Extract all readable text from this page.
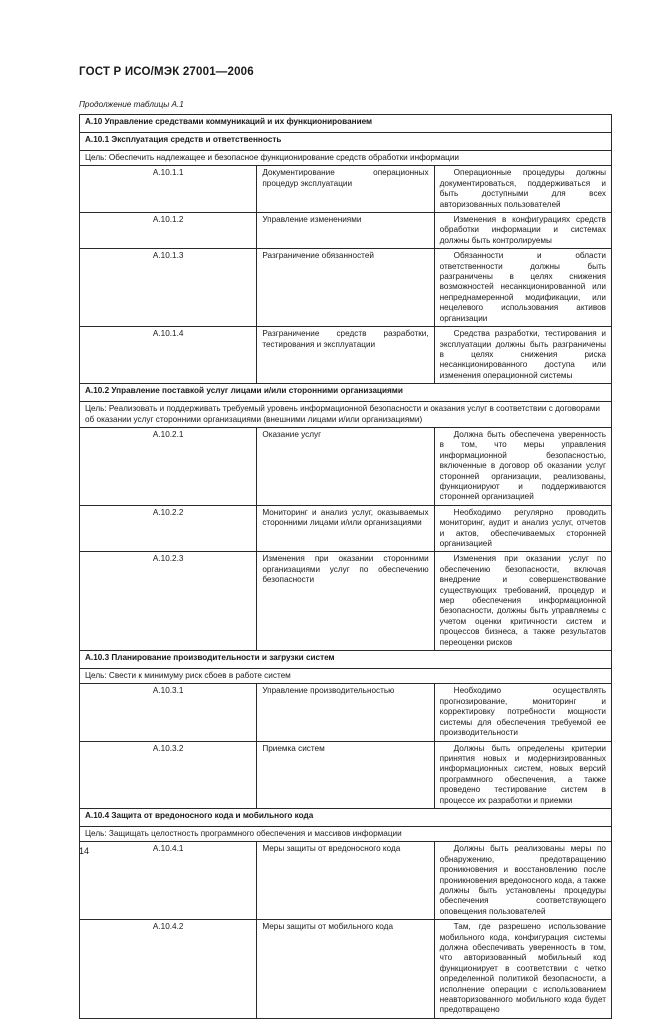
ГОСТ Р ИСО/МЭК 27001—2006
Продолжение таблицы А.1
А.10 Управление средствами коммуникаций и их функционированием		
А.10.1 Эксплуатация средств и ответственность		
Цель: Обеспечить надлежащее и безопасное функционирование средств обработки информации		
А.10.1.1	Документирование операционных процедур эксплуатации	Операционные процедуры должны документироваться, поддерживаться и быть доступными для всех авторизованных пользователей
А.10.1.2	Управление изменениями	Изменения в конфигурациях средств обработки информации и системах должны быть контролируемы
А.10.1.3	Разграничение обязанностей	Обязанности и области ответственности должны быть разграничены в целях снижения возможностей несанкционированной или непреднамеренной модификации, или нецелевого использования активов организации
А.10.1.4	Разграничение средств разработки, тестирования и эксплуатации	Средства разработки, тестирования и эксплуатации должны быть разграничены в целях снижения риска несанкционированного доступа или изменения операционной системы
А.10.2 Управление поставкой услуг лицами и/или сторонними организациями		
Цель: Реализовать и поддерживать требуемый уровень информационной безопасности и оказания услуг в соответствии с договорами об оказании услуг сторонними организациями (внешними лицами и/или организациями)		
А.10.2.1	Оказание услуг	Должна быть обеспечена уверенность в том, что меры управления информационной безопасностью, включенные в договор об оказании услуг сторонней организации, реализованы, функционируют и поддерживаются сторонней организацией
А.10.2.2	Мониторинг и анализ услуг, оказываемых сторонними лицами и/или организациями	Необходимо регулярно проводить мониторинг, аудит и анализ услуг, отчетов и актов, обеспечиваемых сторонней организацией
А.10.2.3	Изменения при оказании сторонними организациями услуг по обеспечению безопасности	Изменения при оказании услуг по обеспечению безопасности, включая внедрение и совершенствование существующих требований, процедур и мер обеспечения информационной безопасности, должны быть управляемы с учетом оценки критичности систем и процессов бизнеса, а также результатов переоценки рисков
А.10.3 Планирование производительности и загрузки систем		
Цель: Свести к минимуму риск сбоев в работе систем		
А.10.3.1	Управление производительностью	Необходимо осуществлять прогнозирование, мониторинг и корректировку потребности мощности системы для обеспечения требуемой ее производительности
А.10.3.2	Приемка систем	Должны быть определены критерии принятия новых и модернизированных информационных систем, новых версий программного обеспечения, а также проведено тестирование систем в процессе их разработки и приемки
А.10.4 Защита от вредоносного кода и мобильного кода		
Цель: Защищать целостность программного обеспечения и массивов информации		
А.10.4.1	Меры защиты от вредоносного кода	Должны быть реализованы меры по обнаружению, предотвращению проникновения и восстановлению после проникновения вредоносного кода, а также должны быть установлены процедуры обеспечения соответствующего оповещения пользователей
А.10.4.2	Меры защиты от мобильного кода	Там, где разрешено использование мобильного кода, конфигурация системы должна обеспечивать уверенность в том, что авторизованный мобильный код функционирует в соответствии с четко определенной политикой безопасности, а исполнение операции с использованием неавторизованного мобильного кода будет предотвращено
14
